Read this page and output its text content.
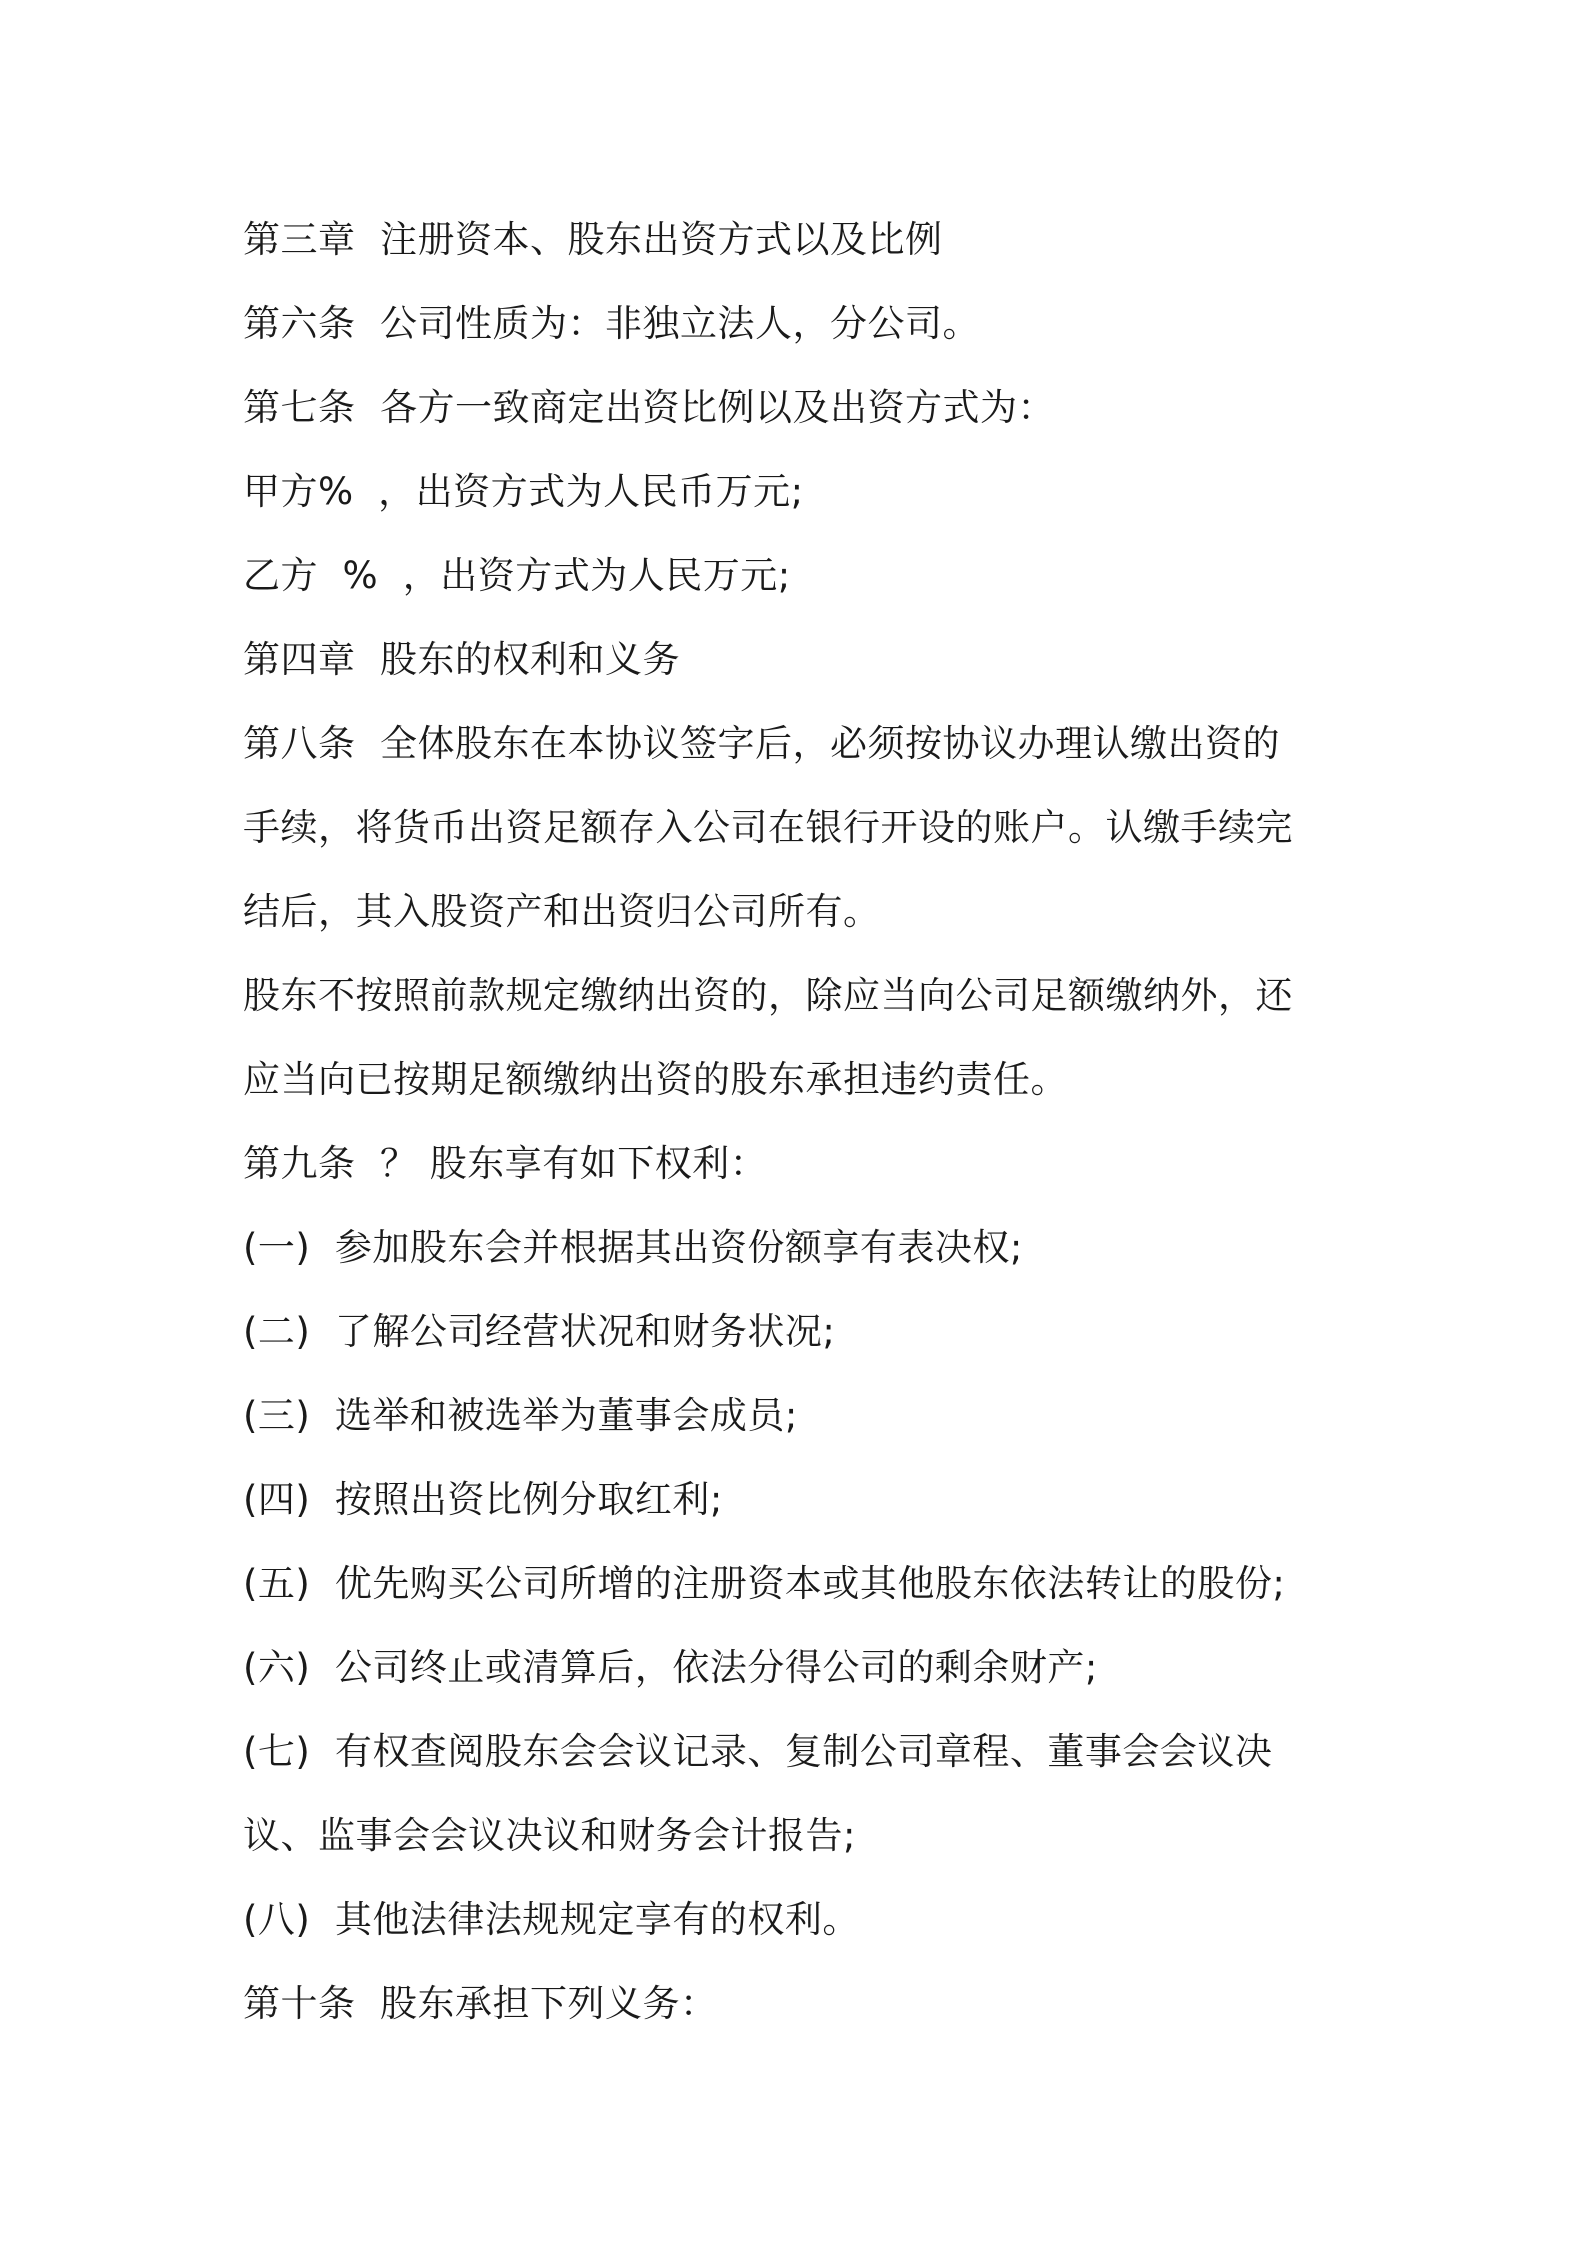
第三章  注册资本、股东出资方式以及比例
第六条  公司性质为：非独立法人，分公司。
第七条  各方一致商定出资比例以及出资方式为：
甲方%  ，出资方式为人民币万元;
乙方  %  ，出资方式为人民万元;
第四章  股东的权利和义务
第八条  全体股东在本协议签字后，必须按协议办理认缴出资的
手续，将货币出资足额存入公司在银行开设的账户。认缴手续完
结后，其入股资产和出资归公司所有。
股东不按照前款规定缴纳出资的，除应当向公司足额缴纳外，还
应当向已按期足额缴纳出资的股东承担违约责任。
第九条  ？ 股东享有如下权利：
(一)  参加股东会并根据其出资份额享有表决权;
(二)  了解公司经营状况和财务状况;
(三)  选举和被选举为董事会成员;
(四)  按照出资比例分取红利;
(五)  优先购买公司所增的注册资本或其他股东依法转让的股份;
(六)  公司终止或清算后，依法分得公司的剩余财产;
(七)  有权查阅股东会会议记录、复制公司章程、董事会会议决
议、监事会会议决议和财务会计报告;
(八)  其他法律法规规定享有的权利。
第十条  股东承担下列义务：
